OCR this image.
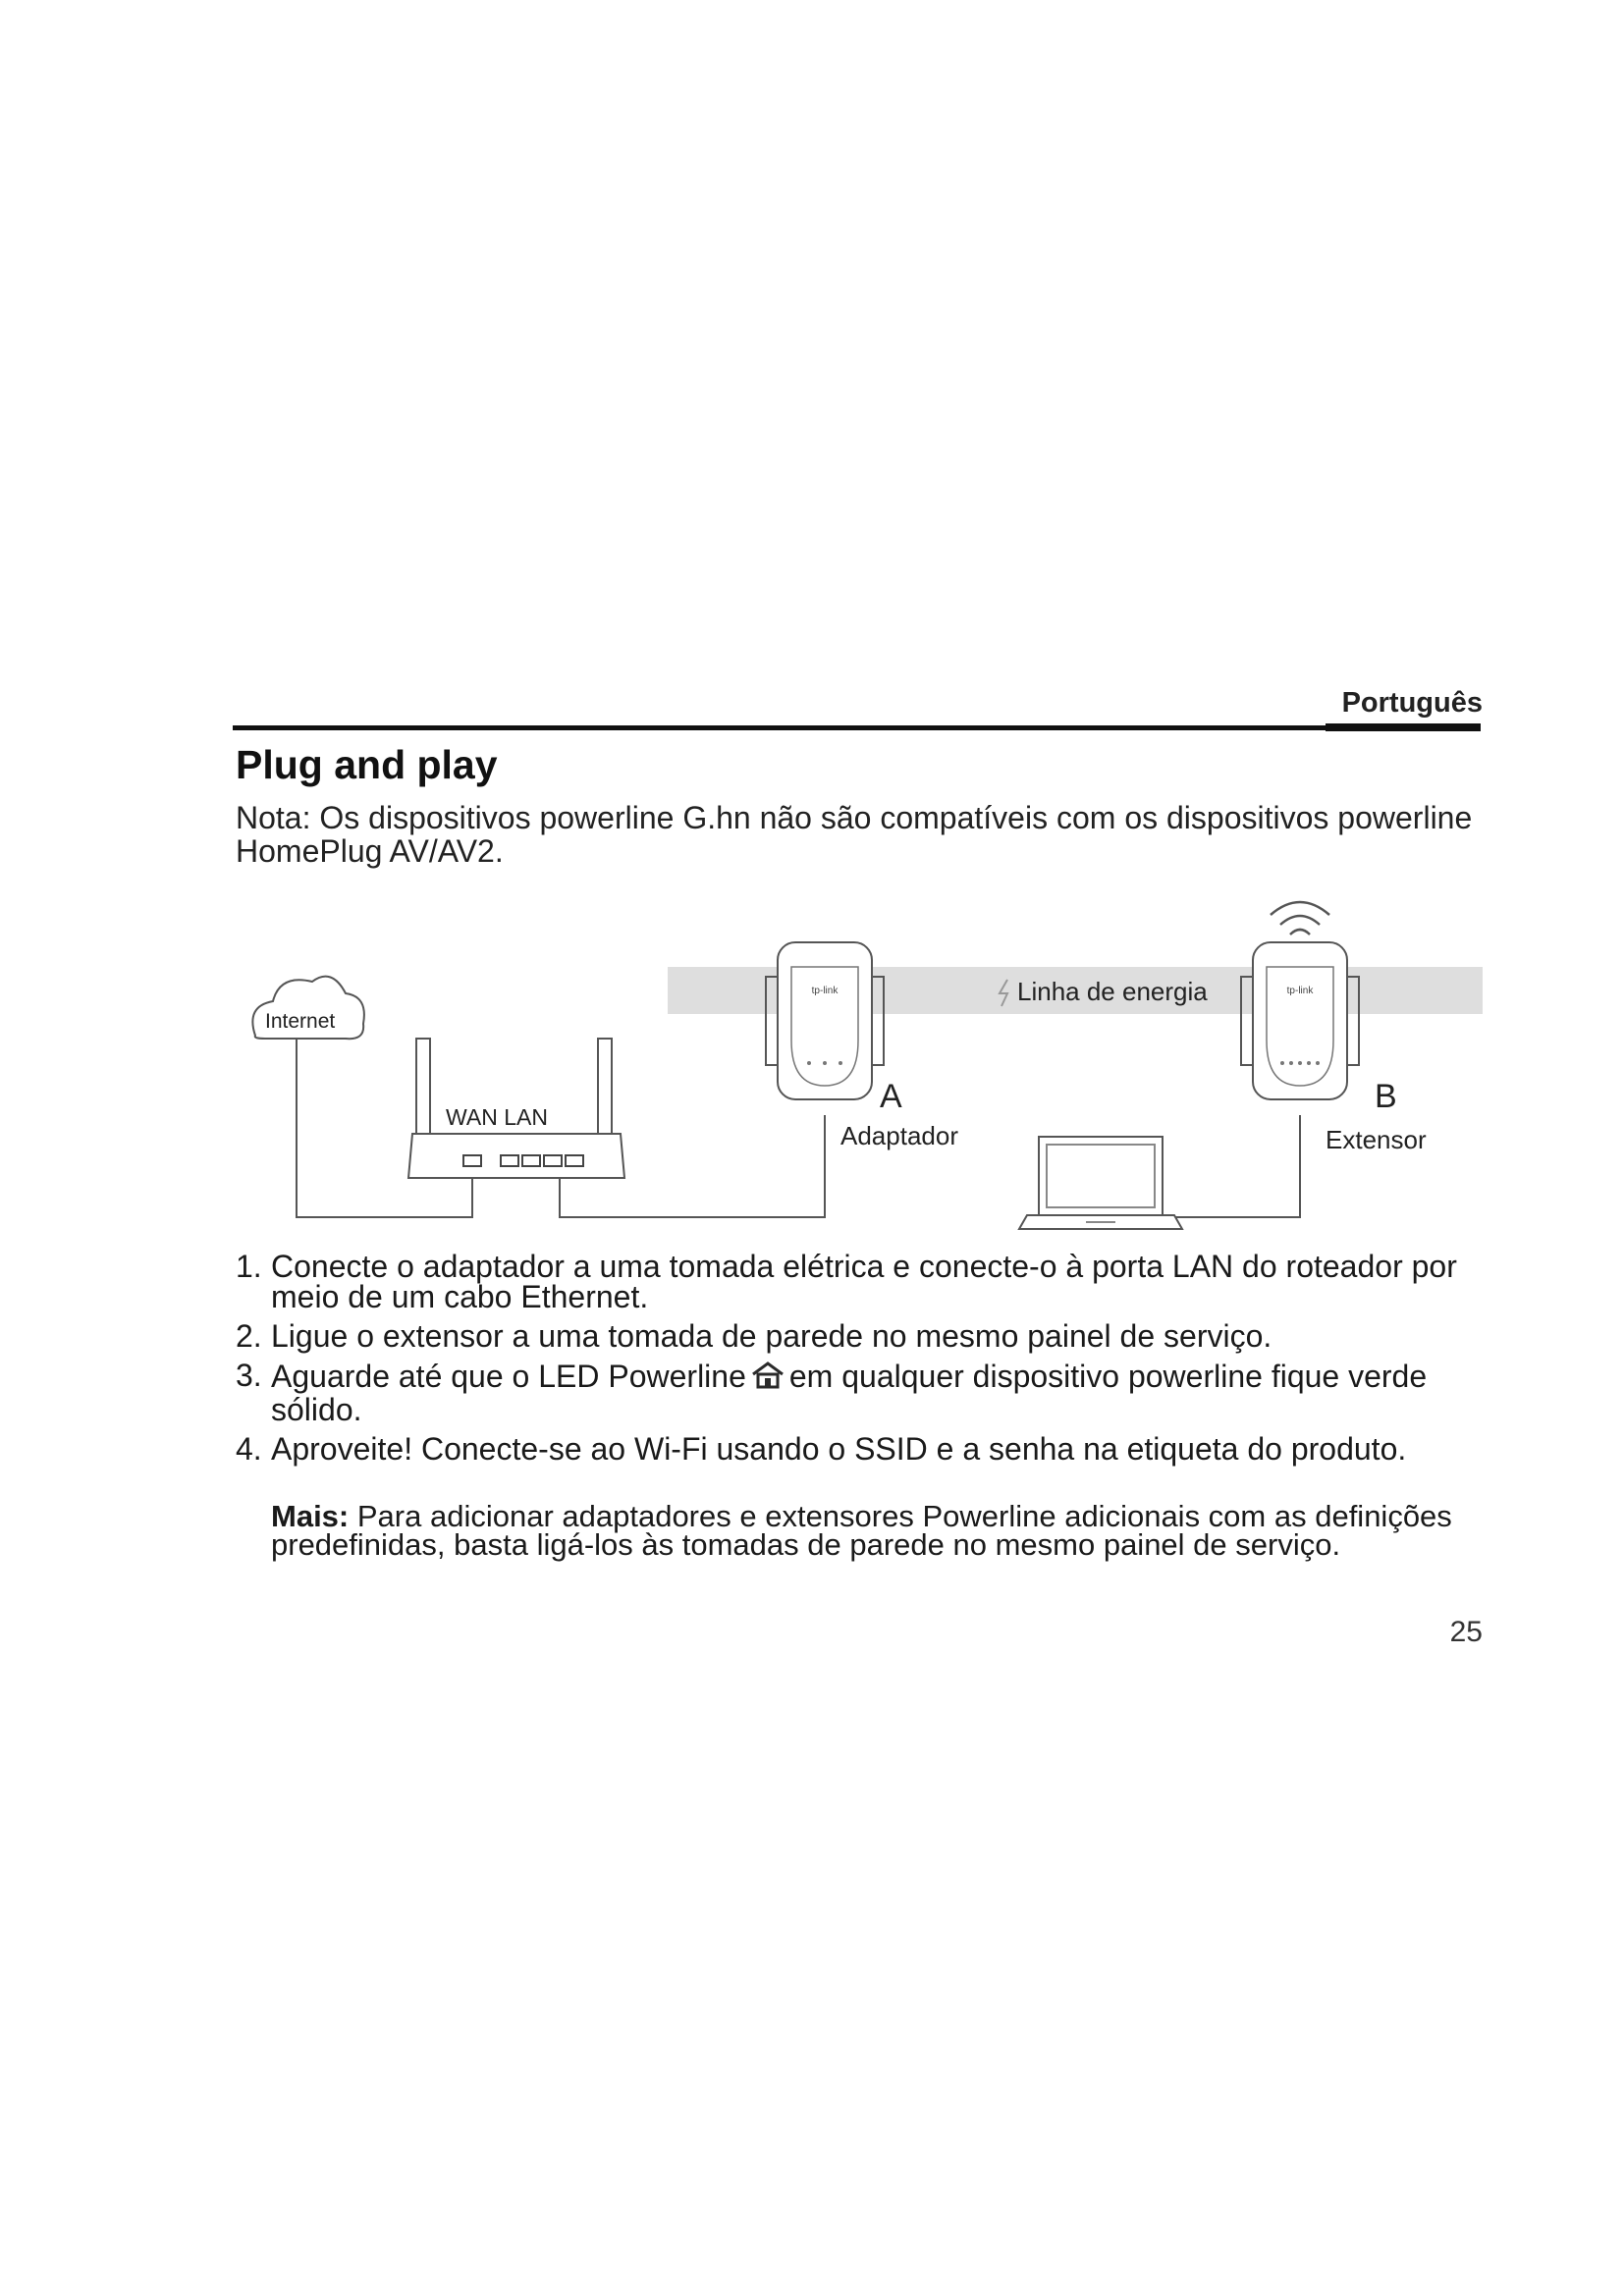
Português
Plug and play

Nota: Os dispositivos powerline G.hn não são compatíveis com os dispositivos powerline HomePlug AV/AV2.

tp-link	tp-link
Internet
WAN LAN
Linha de energia
A
Adaptador
B
Extensor
1. Conecte o adaptador a uma tomada elétrica e conecte-o à porta LAN do roteador por meio de um cabo Ethernet.
2. Ligue o extensor a uma tomada de parede no mesmo painel de serviço.
3. Aguarde até que o LED Powerline em qualquer dispositivo powerline fique verde sólido.
4. Aproveite! Conecte-se ao Wi-Fi usando o SSID e a senha na etiqueta do produto.

Mais: Para adicionar adaptadores e extensores Powerline adicionais com as definições predefinidas, basta ligá-los às tomadas de parede no mesmo painel de serviço.

25
